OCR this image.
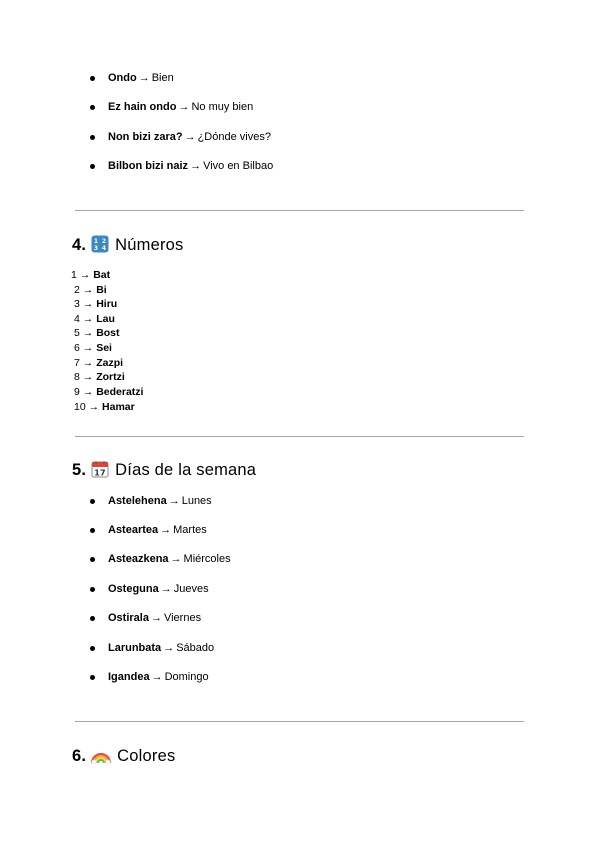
Ondo → Bien
Ez hain ondo → No muy bien
Non bizi zara? → ¿Dónde vives?
Bilbon bizi naiz → Vivo en Bilbao
4. 1 2
3 4 Números
1 → Bat
2 → Bi
3 → Hiru
4 → Lau
5 → Bost
6 → Sei
7 → Zazpi
8 → Zortzi
9 → Bederatzi
10 → Hamar
5. 17 Días de la semana
Astelehena → Lunes
Asteartea → Martes
Asteazkena → Miércoles
Osteguna → Jueves
Ostirala → Viernes
Larunbata → Sábado
Igandea → Domingo
6. Colores
